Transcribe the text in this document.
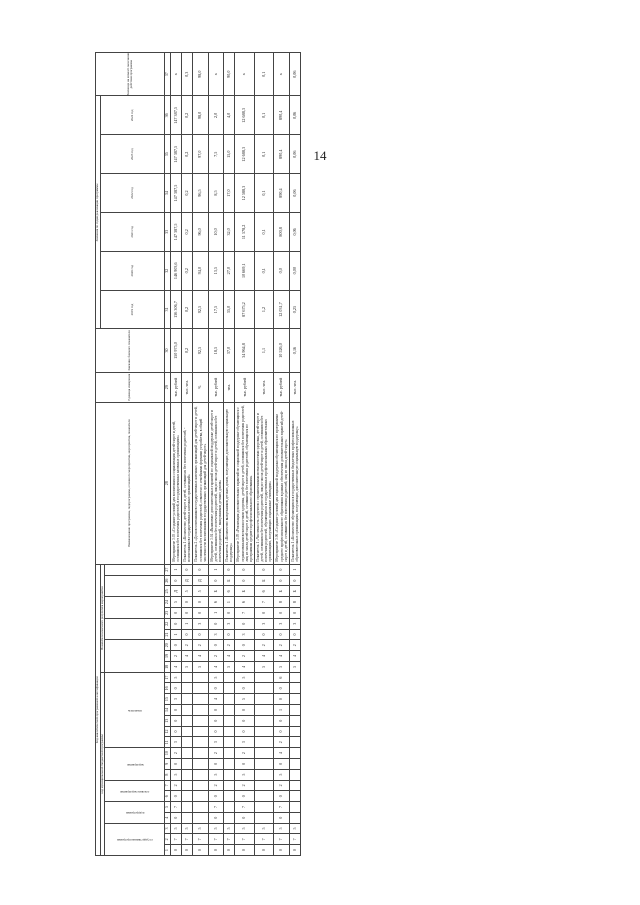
14
Код аналитической программной классификации																											Наименование программы, подпрограммы, основного мероприятия, мероприятия, показателя	Единица измерения	Значение базового показателя	Значения по годам реализации программы						Значение на момент окончания действия программы
код муниципальной бюджетной программы																	Показатели конечного результата мероприятия													2019 год	2020 год	2021 год	2022 год	2023 год	2024 год	

государственная программа			подпрограмма		основное мероприятие		мероприятие			показатель																										

1	2	3	4	5	6	7	8	9	10	11	12	13	14	15	16	17	18	19	20	21	22	23	24	25	26	27	28	29	30	31	32	33	34	35	36	37
0	7	5	0	7	0	2	5	0	2	3	0	0	0	3	0	5	4	2	0	1	0	0	5	Д	0	1	Мероприятие 3.03 «Создание условий для воспитания и социализации детей-сирот и детей, оставшихся без попечения родителей, в государственных казенных организациях»	тыс. рублей	150 975,0	136 306,7	146 903,6	147 387,5	147 387,5	147 387,5	147 387,5	х
0	7	5															5	4	2	0	1	0	0	5	Д	0	Показатель 1 «Количество детей-сирот и детей, оставшихся без попечения родителей, - воспитанников государственных казенных организаций»	тыс. чел.	0,2	0,2	0,2	0,2	0,2	0,2	0,2	0,3
0	7	5															5	4	2	0	3	0	0	5	Д	0	Показатель 2 «Доля воспитанников государственных казенных организаций для детей-сирот и детей, оставшихся без попечения родителей, совместно с семейными формами устройства, в общей численности воспитанников государственных организаций для детей-сирот»	%	92,5	92,5	94,0	96,0	96,5	97,0	98,0	98,0
0	7	5	0	7	0	2	5	0	2	3	0	0	0	4	0	5	4	2	0	3	0	1	6	Б	0	1	Мероприятие 3.04 «Выявление дополнительных гарантий по социальной поддержке детей-сирот и детей, оставшихся без попечения родителей, лиц из числа детей-сирот и детей, оставшихся без попечения родителей, - выпускников детских домов»	тыс. рублей	18,5	17,5	13,5	10,0	8,5	7,5	2,0	х
0	7	5															5	4	2	0	3	0	1	6	Б	0	Показатель 1 «Количество выпускников детских домов, получающих дополнительную социальную поддержку»	чел.	37,0	35,0	27,0	32,0	17,0	15,0	4,0	90,0
0	7	5	0	7	0	2	5	0	2	3	0	0	0	5	0	5	4	2	0	3	0	7	6	Б	0	0	Мероприятие 3.05 «Реализация дополнительных гарантий по социальной поддержке обучающихся с ограниченными возможностями здоровья, детей-сирот и детей, оставшихся без попечения родителей, лиц из числа детей-сирот и детей, оставшихся без попечения родителей, обучающихся по программам среднего профессионального образования»	тыс. рублей	34 964,8	87 675,2	10 669,1	11 578,2	12 588,3	12 688,3	12 688,3	х
0	7	5															5	4	2	0	3	0	7	6	Б	0	Показатель 1 «Численность студентов с ограниченными возможностями здоровья, детей-сирот и детей, оставшихся без попечения родителей, лиц из числа детей-сирот и детей, оставшихся без попечения родителей, обучающихся в государственных профессиональных образовательных организациях, получающих социальные стипендии»	тыс. чел.	1,1	1,2	0,1	0,1	0,1	0,1	0,1	0,1
0	7	5	0	7	0	2	5	0	4	2	0	0	1	0	0	6	5	4	2	0	3	0	8	Б	0	0	Мероприятие 3.06 «Создание условий для социальной поддержки обучающихся по программам среднего профессионального образования в рамках обеспечения дополнительных гарантий детей-сирот и детей, оставшихся без попечения родителей, лиц из числа детей-сирот»	тыс. рублей	10 526,0	12 031,7	0,0	800,8	890,4	890,4	890,4	х
0	7	5															5	4	2	0	3	0	8	Б	0	1	Показатель 1 «Количество обучающихся в государственных бюджетных профессиональных образовательных организациях, получающих дополнительную социальную поддержку»	тыс. чел.	0,16	0,25	0,00	0,06	0,06	0,06	0,06	0,06
